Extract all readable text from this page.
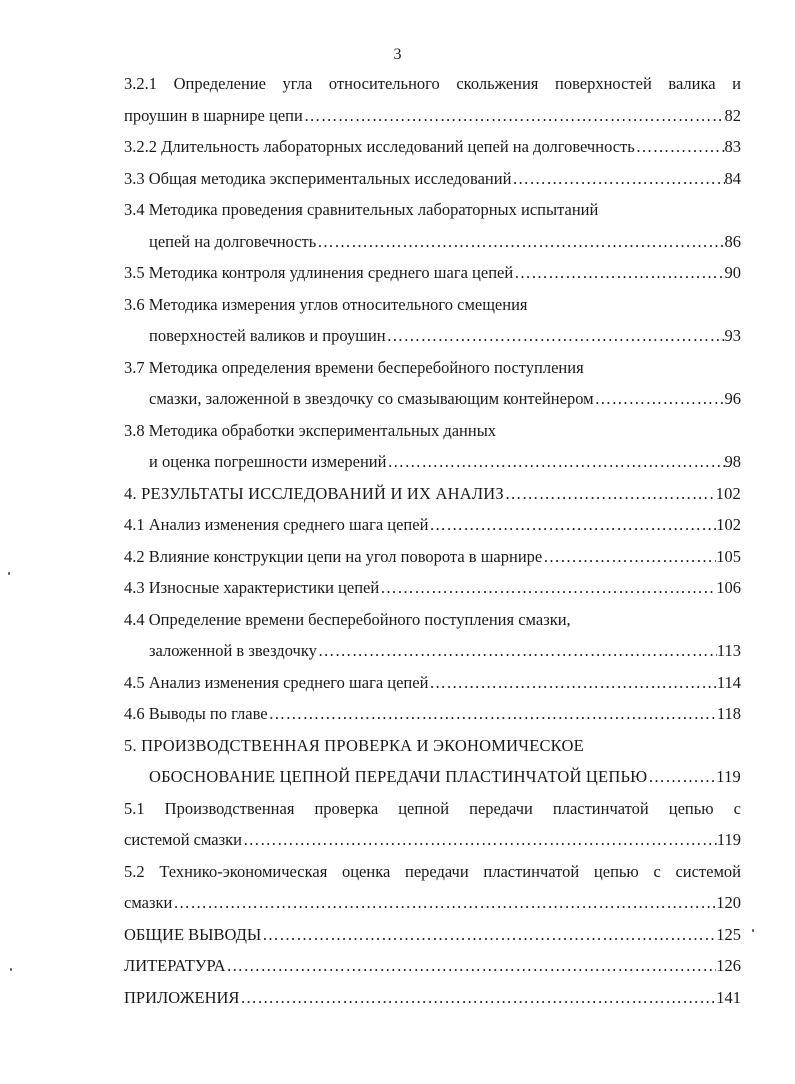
3
3.2.1 Определение угла относительного скольжения поверхностей валика и
проушин в шарнире цепи …………………………………………………………………………………………………………………………………………………………………………	82
3.2.2 Длительность лабораторных исследований цепей на долговечность …………………………………………………………………………………………………………………………………………………………………………	83
3.3 Общая методика экспериментальных исследований …………………………………………………………………………………………………………………………………………………………………………	84
3.4 Методика проведения сравнительных лабораторных испытаний
цепей на долговечность …………………………………………………………………………………………………………………………………………………………………………	86
3.5 Методика контроля удлинения среднего шага цепей …………………………………………………………………………………………………………………………………………………………………………	90
3.6 Методика измерения углов относительного смещения
поверхностей валиков и проушин …………………………………………………………………………………………………………………………………………………………………………	93
3.7 Методика определения времени бесперебойного поступления
смазки, заложенной в звездочку со смазывающим контейнером …………………………………………………………………………………………………………………………………………………………………………	96
3.8 Методика обработки экспериментальных данных
и оценка погрешности измерений …………………………………………………………………………………………………………………………………………………………………………	98
4. РЕЗУЛЬТАТЫ ИССЛЕДОВАНИЙ И ИХ АНАЛИЗ …………………………………………………………………………………………………………………………………………………………………………	102
4.1 Анализ изменения среднего шага цепей …………………………………………………………………………………………………………………………………………………………………………	102
4.2 Влияние конструкции цепи на угол поворота в шарнире …………………………………………………………………………………………………………………………………………………………………………	105
4.3 Износные характеристики цепей …………………………………………………………………………………………………………………………………………………………………………	106
4.4 Определение времени бесперебойного поступления смазки,
заложенной в звездочку …………………………………………………………………………………………………………………………………………………………………………	113
4.5 Анализ изменения среднего шага цепей …………………………………………………………………………………………………………………………………………………………………………	114
4.6 Выводы по главе …………………………………………………………………………………………………………………………………………………………………………	118
5. ПРОИЗВОДСТВЕННАЯ ПРОВЕРКА И ЭКОНОМИЧЕСКОЕ
ОБОСНОВАНИЕ ЦЕПНОЙ ПЕРЕДАЧИ ПЛАСТИНЧАТОЙ ЦЕПЬЮ …………………………………………………………………………………………………………………………………………………………………………	119
5.1 Производственная проверка цепной передачи пластинчатой цепью с
системой смазки …………………………………………………………………………………………………………………………………………………………………………	119
5.2 Технико-экономическая оценка передачи пластинчатой цепью с системой
смазки …………………………………………………………………………………………………………………………………………………………………………	120
ОБЩИЕ ВЫВОДЫ …………………………………………………………………………………………………………………………………………………………………………	125
ЛИТЕРАТУРА …………………………………………………………………………………………………………………………………………………………………………	126
ПРИЛОЖЕНИЯ …………………………………………………………………………………………………………………………………………………………………………	141
